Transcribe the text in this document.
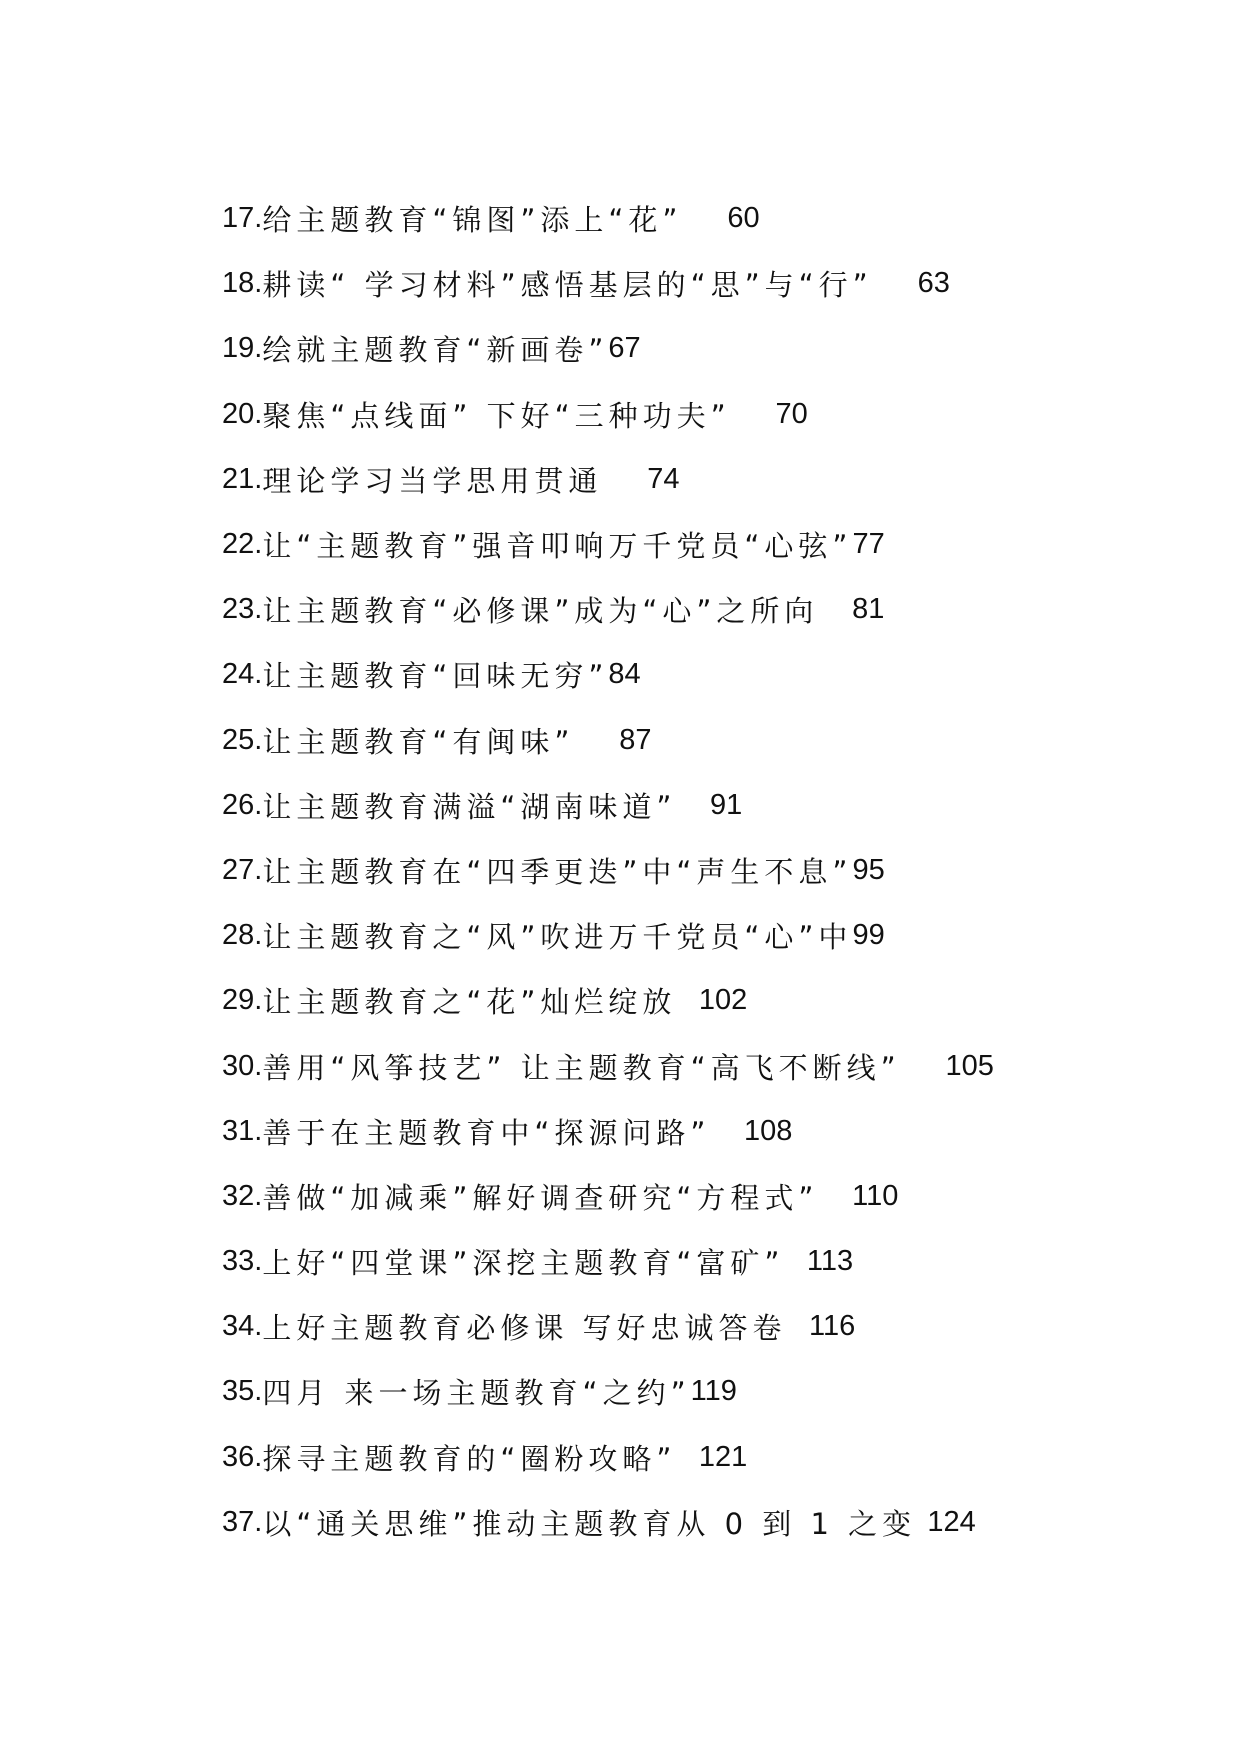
17. 给主题教育“锦图”添上“花”
60
18. 耕读“ 学习材料”感悟基层的“思”与“行”
63
19. 绘就主题教育“新画卷” 67
20. 聚焦“点线面” 下好“三种功夫”
70
21. 理论学习当学思用贯通
74
22. 让“主题教育”强音叩响万千党员“心弦” 77
23. 让主题教育“必修课”成为“心”之所向
81
24. 让主题教育“回味无穷” 84
25. 让主题教育“有闽味”
87
26. 让主题教育满溢“湖南味道”
91
27. 让主题教育在“四季更迭”中“声生不息” 95
28. 让主题教育之“风”吹进万千党员“心”中 99
29. 让主题教育之“花”灿烂绽放
102
30. 善用“风筝技艺” 让主题教育“高飞不断线”
105
31. 善于在主题教育中“探源问路”
108
32. 善做“加减乘”解好调查研究“方程式”
110
33. 上好“四堂课”深挖主题教育“富矿”
113
34. 上好主题教育必修课 写好忠诚答卷
116
35. 四月 来一场主题教育“之约” 119
36. 探寻主题教育的“圈粉攻略”
121
37. 以“通关思维”推动主题教育从 0 到 1 之变
124
